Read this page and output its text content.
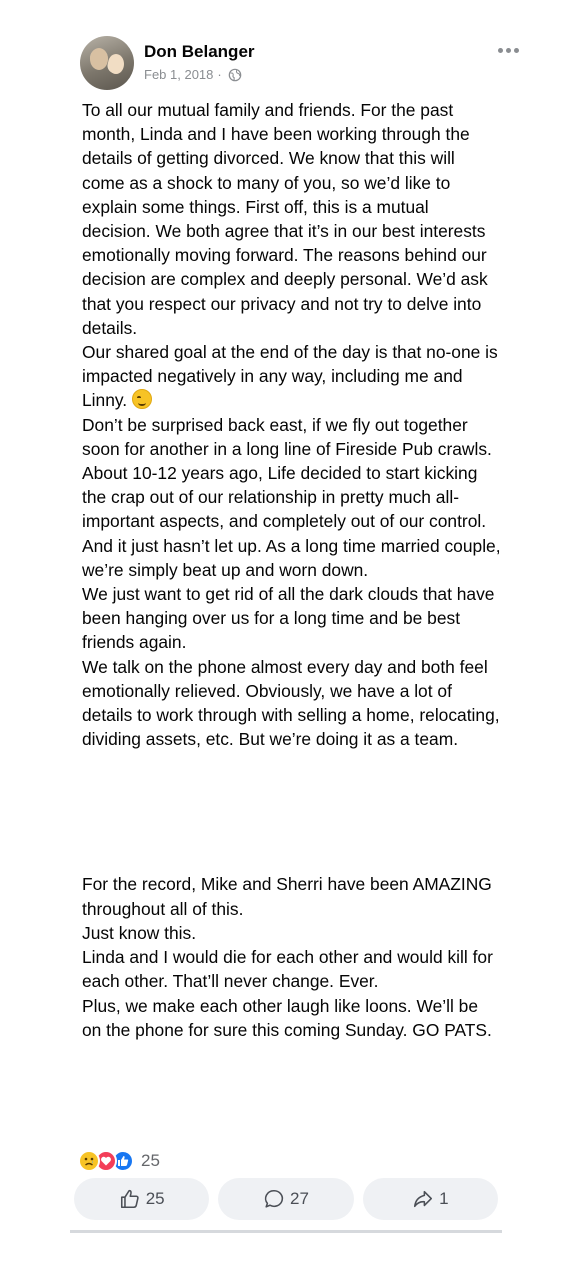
Don Belanger
Feb 1, 2018 ·

To all our mutual family and friends. For the past month, Linda and I have been working through the details of getting divorced. We know that this will come as a shock to many of you, so we’d like to explain some things. First off, this is a mutual decision. We both agree that it’s in our best interests emotionally moving forward. The reasons behind our decision are complex and deeply personal. We’d ask that you respect our privacy and not try to delve into details.

Our shared goal at the end of the day is that no-one is impacted negatively in any way, including me and Linny.

Don’t be surprised back east, if we fly out together soon for another in a long line of Fireside Pub crawls.

About 10-12 years ago, Life decided to start kicking the crap out of our relationship in pretty much all-important aspects, and completely out of our control. And it just hasn’t let up. As a long time married couple, we’re simply beat up and worn down.

We just want to get rid of all the dark clouds that have been hanging over us for a long time and be best friends again.

We talk on the phone almost every day and both feel emotionally relieved. Obviously, we have a lot of details to work through with selling a home, relocating, dividing assets, etc. But we’re doing it as a team.

For the record, Mike and Sherri have been AMAZING throughout all of this.

Just know this.

Linda and I would die for each other and would kill for each other. That’ll never change. Ever.

Plus, we make each other laugh like loons. We’ll be on the phone for sure this coming Sunday. GO PATS.

25
25	27	1
